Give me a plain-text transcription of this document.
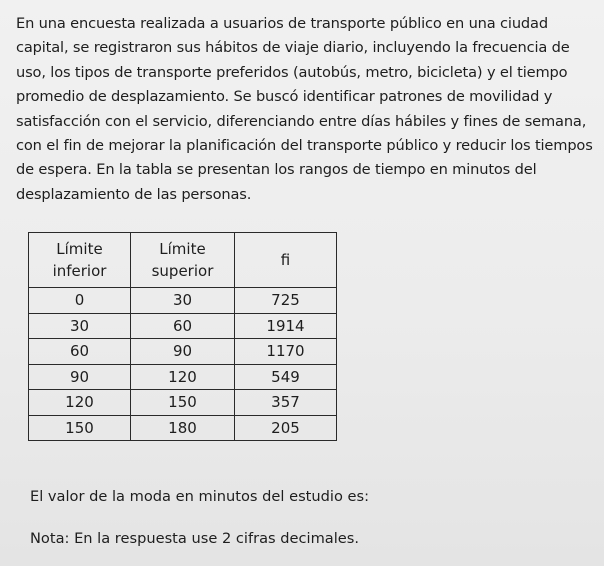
En una encuesta realizada a usuarios de transporte público en una ciudad capital, se registraron sus hábitos de viaje diario, incluyendo la frecuencia de uso, los tipos de transporte preferidos (autobús, metro, bicicleta) y el tiempo promedio de desplazamiento. Se buscó identificar patrones de movilidad y satisfacción con el servicio, diferenciando entre días hábiles y fines de semana, con el fin de mejorar la planificación del transporte público y reducir los tiempos de espera. En la tabla se presentan los rangos de tiempo en minutos del desplazamiento de las personas.

Límite inferior	Límite superior	fi
0	30	725
30	60	1914
60	90	1170
90	120	549
120	150	357
150	180	205

El valor de la moda en minutos del estudio es:

Nota: En la respuesta use 2 cifras decimales.
